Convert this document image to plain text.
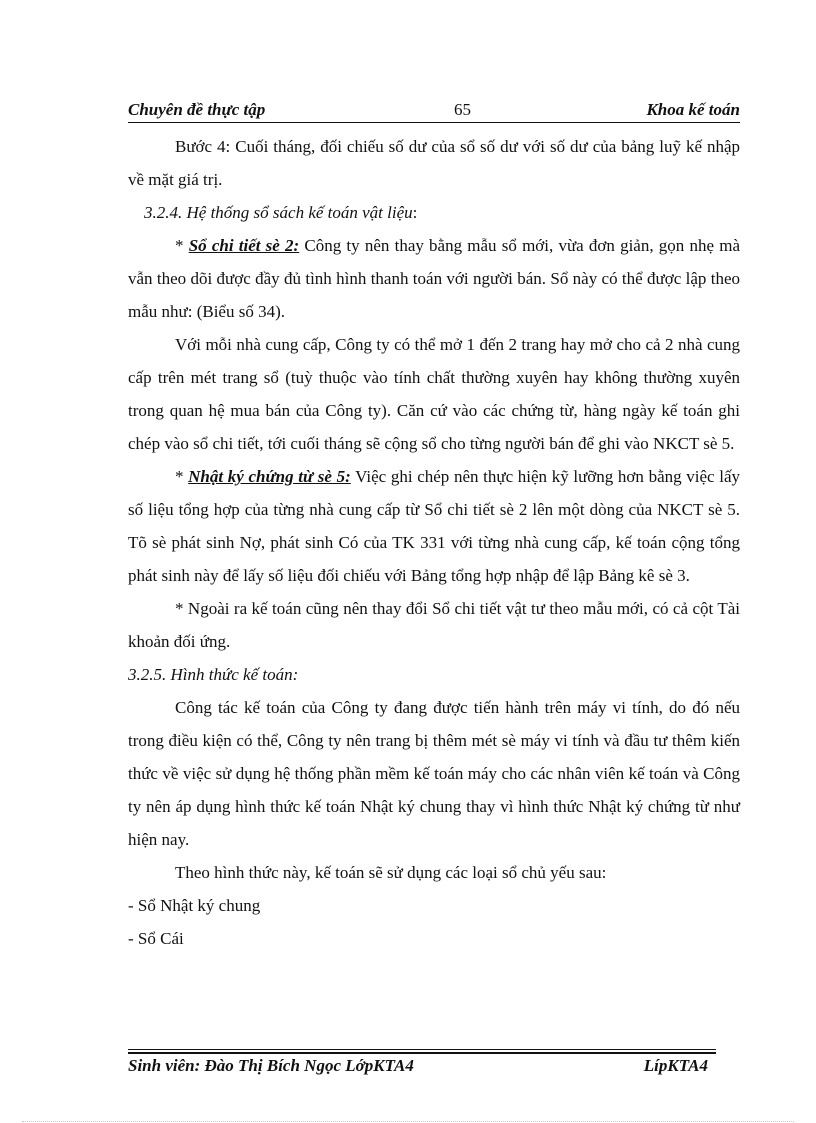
Chuyên đề thực tập	65	Khoa kế toán

Bước 4: Cuối tháng, đối chiếu số dư của sổ số dư với số dư của bảng luỹ kế nhập về mặt giá trị.

3.2.4. Hệ thống sổ sách kế toán vật liệu:

* Sổ chi tiết sè 2: Công ty nên thay bằng mẫu sổ mới, vừa đơn giản, gọn nhẹ mà vẫn theo dõi được đầy đủ tình hình thanh toán với người bán. Sổ này có thể được lập theo mẫu như: (Biểu số 34).

Với mỗi nhà cung cấp, Công ty có thể mở 1 đến 2 trang hay mở cho cả 2 nhà cung cấp trên mét trang sổ (tuỳ thuộc vào tính chất thường xuyên hay không thường xuyên trong quan hệ mua bán của Công ty). Căn cứ vào các chứng từ, hàng ngày kế toán ghi chép vào sổ chi tiết, tới cuối tháng sẽ cộng sổ cho từng người bán để ghi vào NKCT sè 5.

* Nhật ký chứng từ sè 5: Việc ghi chép nên thực hiện kỹ lưỡng hơn bằng việc lấy số liệu tổng hợp của từng nhà cung cấp từ Sổ chi tiết sè 2 lên một dòng của NKCT sè 5. Tõ sè phát sinh Nợ, phát sinh Có của TK 331 với từng nhà cung cấp, kế toán cộng tổng phát sinh này để lấy số liệu đối chiếu với Bảng tổng hợp nhập để lập Bảng kê sè 3.

* Ngoài ra kế toán cũng nên thay đổi Sổ chi tiết vật tư theo mẫu mới, có cả cột Tài khoản đối ứng.

3.2.5. Hình thức kế toán:

Công tác kế toán của Công ty đang được tiến hành trên máy vi tính, do đó nếu trong điều kiện có thể, Công ty nên trang bị thêm mét sè máy vi tính và đầu tư thêm kiến thức về việc sử dụng hệ thống phần mềm kế toán máy cho các nhân viên kế toán và Công ty nên áp dụng hình thức kế toán Nhật ký chung thay vì hình thức Nhật ký chứng từ như hiện nay.

Theo hình thức này, kế toán sẽ sử dụng các loại sổ chủ yếu sau:

- Sổ Nhật ký chung

- Sổ Cái

Sinh viên: Đào Thị Bích Ngọc LớpKTA4	LípKTA4
